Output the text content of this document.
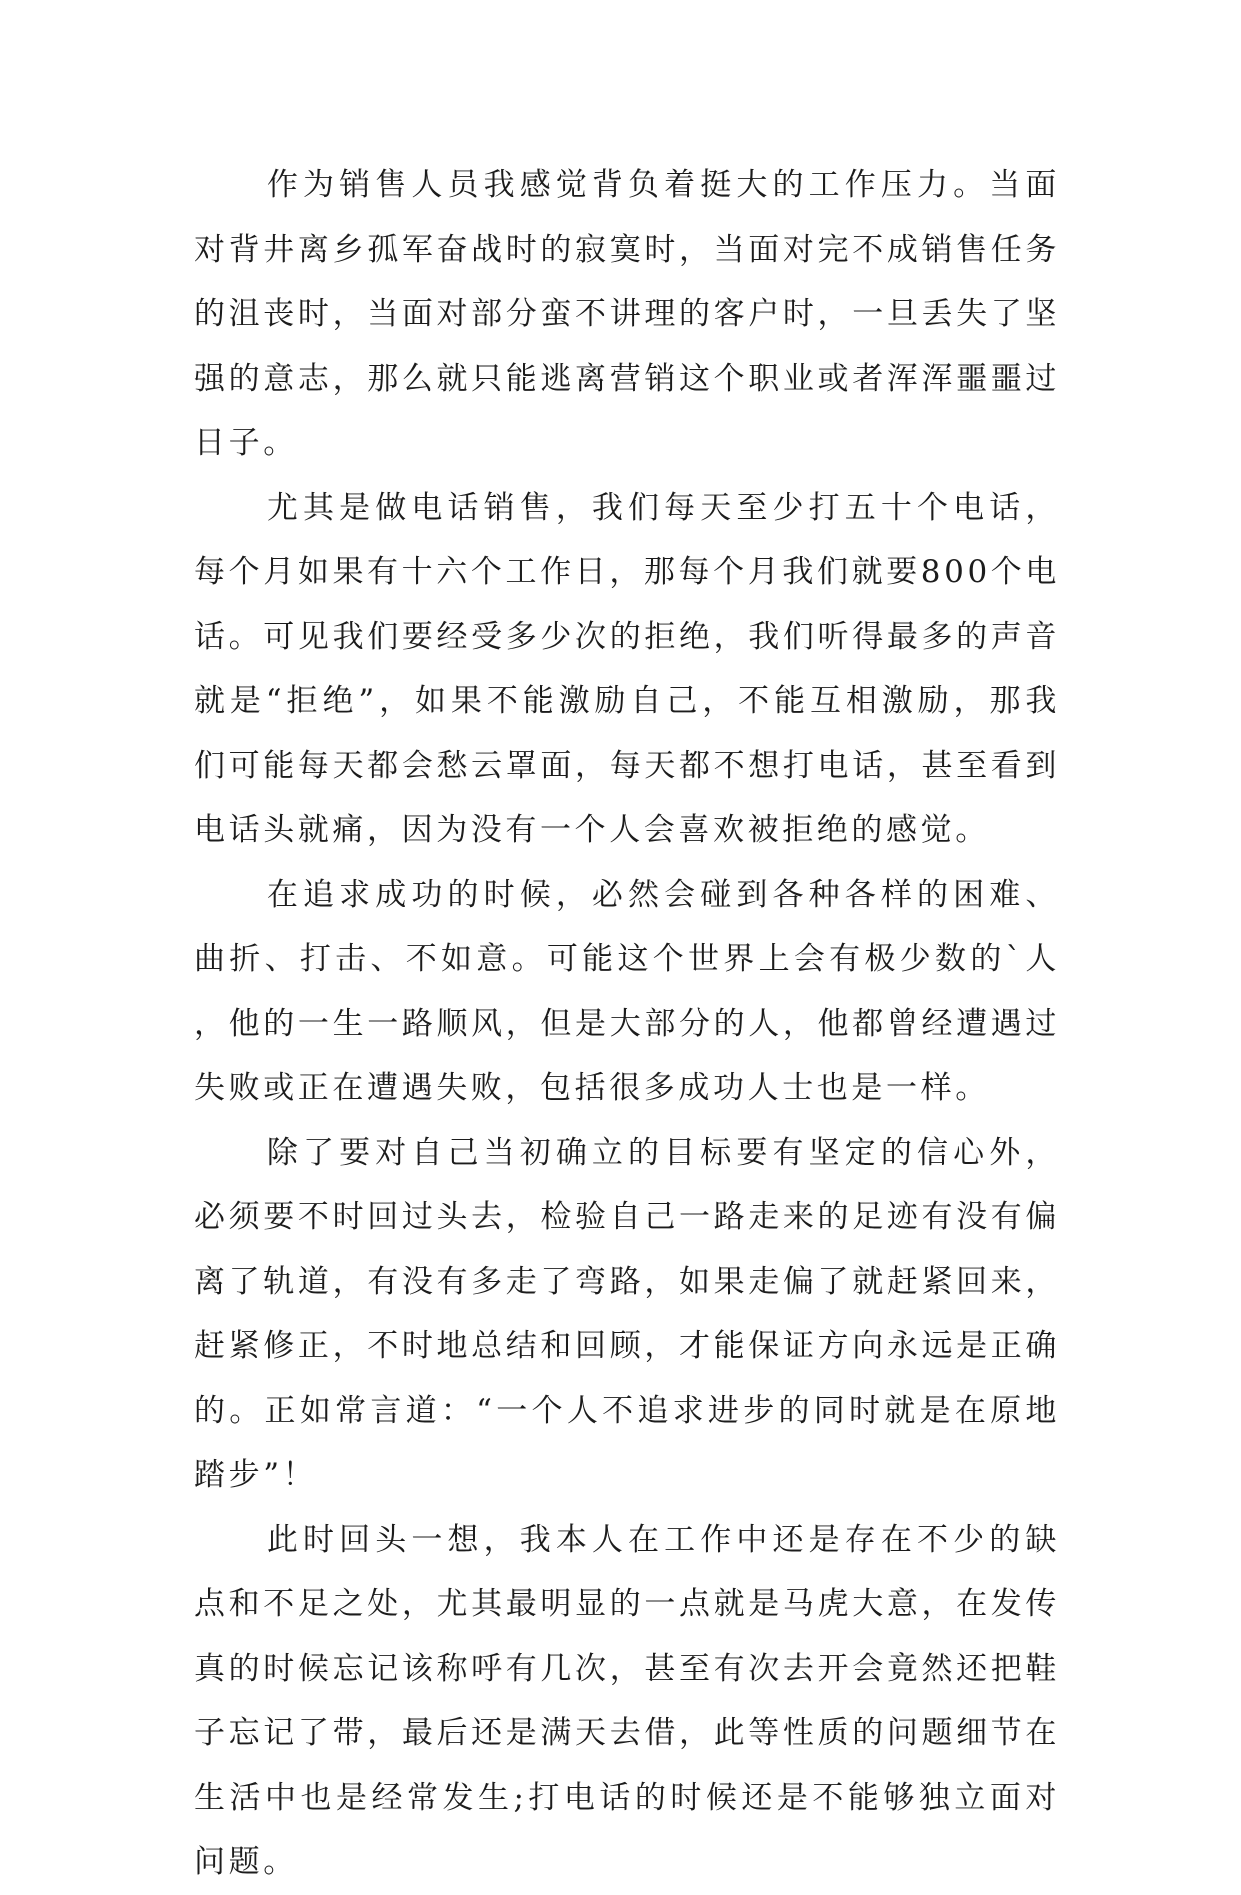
作为销售人员我感觉背负着挺大的工作压力。当面对背井离乡孤军奋战时的寂寞时，当面对完不成销售任务的沮丧时，当面对部分蛮不讲理的客户时，一旦丢失了坚强的意志，那么就只能逃离营销这个职业或者浑浑噩噩过日子。

尤其是做电话销售，我们每天至少打五十个电话，每个月如果有十六个工作日，那每个月我们就要800个电话。可见我们要经受多少次的拒绝，我们听得最多的声音就是“拒绝”，如果不能激励自己，不能互相激励，那我们可能每天都会愁云罩面，每天都不想打电话，甚至看到电话头就痛，因为没有一个人会喜欢被拒绝的感觉。

在追求成功的时候，必然会碰到各种各样的困难、曲折、打击、不如意。可能这个世界上会有极少数的`人，他的一生一路顺风，但是大部分的人，他都曾经遭遇过失败或正在遭遇失败，包括很多成功人士也是一样。

除了要对自己当初确立的目标要有坚定的信心外，必须要不时回过头去，检验自己一路走来的足迹有没有偏离了轨道，有没有多走了弯路，如果走偏了就赶紧回来，赶紧修正，不时地总结和回顾，才能保证方向永远是正确的。正如常言道：“一个人不追求进步的同时就是在原地踏步”！

此时回头一想，我本人在工作中还是存在不少的缺点和不足之处，尤其最明显的一点就是马虎大意，在发传真的时候忘记该称呼有几次，甚至有次去开会竟然还把鞋子忘记了带，最后还是满天去借，此等性质的问题细节在生活中也是经常发生;打电话的时候还是不能够独立面对问题。
